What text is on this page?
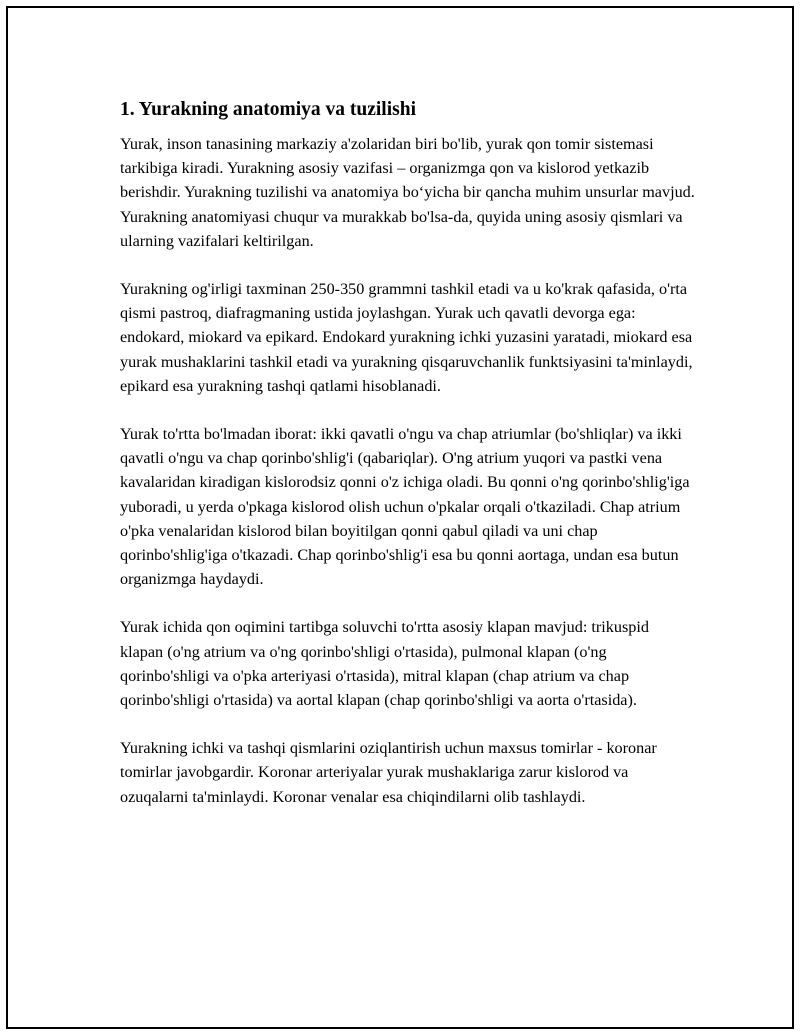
1. Yurakning anatomiya va tuzilishi

Yurak, inson tanasining markaziy a'zolaridan biri bo'lib, yurak qon tomir sistemasi tarkibiga kiradi. Yurakning asosiy vazifasi – organizmga qon va kislorod yetkazib berishdir. Yurakning tuzilishi va anatomiya bo‘yicha bir qancha muhim unsurlar mavjud. Yurakning anatomiyasi chuqur va murakkab bo'lsa-da, quyida uning asosiy qismlari va ularning vazifalari keltirilgan.

Yurakning og'irligi taxminan 250-350 grammni tashkil etadi va u ko'krak qafasida, o'rta qismi pastroq, diafragmaning ustida joylashgan. Yurak uch qavatli devorga ega: endokard, miokard va epikard. Endokard yurakning ichki yuzasini yaratadi, miokard esa yurak mushaklarini tashkil etadi va yurakning qisqaruvchanlik funktsiyasini ta'minlaydi, epikard esa yurakning tashqi qatlami hisoblanadi.

Yurak to'rtta bo'lmadan iborat: ikki qavatli o'ngu va chap atriumlar (bo'shliqlar) va ikki qavatli o'ngu va chap qorinbo'shlig'i (qabariqlar). O'ng atrium yuqori va pastki vena kavalaridan kiradigan kislorodsiz qonni o'z ichiga oladi. Bu qonni o'ng qorinbo'shlig'iga yuboradi, u yerda o'pkaga kislorod olish uchun o'pkalar orqali o'tkaziladi. Chap atrium o'pka venalaridan kislorod bilan boyitilgan qonni qabul qiladi va uni chap qorinbo'shlig'iga o'tkazadi. Chap qorinbo'shlig'i esa bu qonni aortaga, undan esa butun organizmga haydaydi.

Yurak ichida qon oqimini tartibga soluvchi to'rtta asosiy klapan mavjud: trikuspid klapan (o'ng atrium va o'ng qorinbo'shligi o'rtasida), pulmonal klapan (o'ng qorinbo'shligi va o'pka arteriyasi o'rtasida), mitral klapan (chap atrium va chap qorinbo'shligi o'rtasida) va aortal klapan (chap qorinbo'shligi va aorta o'rtasida).

Yurakning ichki va tashqi qismlarini oziqlantirish uchun maxsus tomirlar - koronar tomirlar javobgardir. Koronar arteriyalar yurak mushaklariga zarur kislorod va ozuqalarni ta'minlaydi. Koronar venalar esa chiqindilarni olib tashlaydi.
